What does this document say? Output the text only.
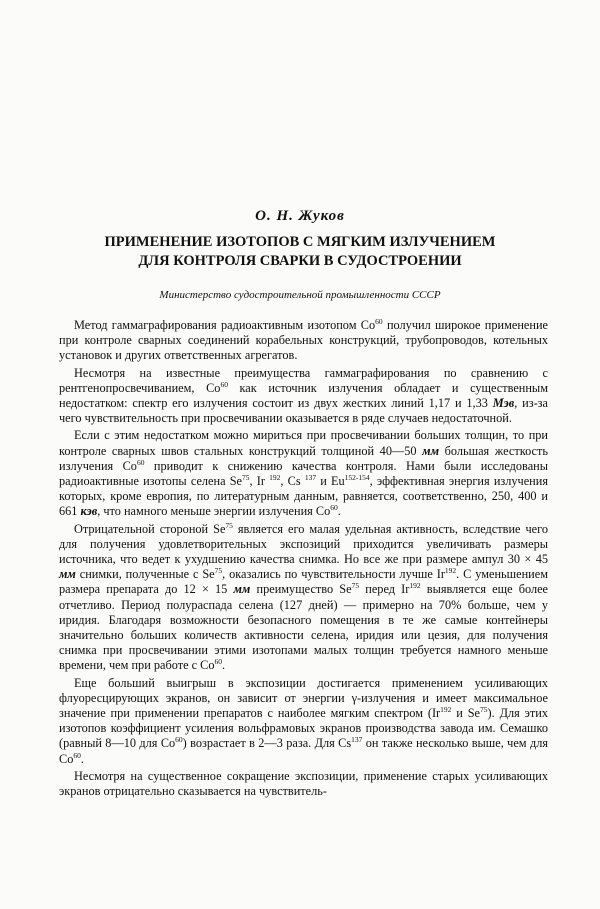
О. Н. Жуков
ПРИМЕНЕНИЕ ИЗОТОПОВ С МЯГКИМ ИЗЛУЧЕНИЕМ
ДЛЯ КОНТРОЛЯ СВАРКИ В СУДОСТРОЕНИИ
Министерство судостроительной промышленности СССР

Метод гаммаграфирования радиоактивным изотопом $Со^{60}$ получил широкое применение при контроле сварных соединений корабельных конструкций, трубопроводов, котельных установок и других ответственных агрегатов.

Несмотря на известные преимущества гаммаграфирования по сравнению с рентгенопросвечиванием, $Со^{60}$ как источник излучения обладает и существенным недостатком: спектр его излучения состоит из двух жестких линий 1,17 и 1,33 Мэв, из-за чего чувствительность при просвечивании оказывается в ряде случаев недостаточной.

Если с этим недостатком можно мириться при просвечивании больших толщин, то при контроле сварных швов стальных конструкций толщиной 40—50 мм большая жесткость излучения $Со^{60}$ приводит к снижению качества контроля. Нами были исследованы радиоактивные изотопы селена Se$^{75}$, Ir $^{192}$, Cs $^{137}$ и Eu$^{152-154}$, эффективная энергия излучения которых, кроме европия, по литературным данным, равняется, соответственно, 250, 400 и 661 кэв, что намного меньше энергии излучения $Со^{60}$.

Отрицательной стороной Se$^{75}$ является его малая удельная активность, вследствие чего для получения удовлетворительных экспозиций приходится увеличивать размеры источника, что ведет к ухудшению качества снимка. Но все же при размере ампул 30 × 45 мм снимки, полученные с Se$^{75}$, оказались по чувствительности лучше Ir$^{192}$. С уменьшением размера препарата до 12 × 15 мм преимущество Se$^{75}$ перед Ir$^{192}$ выявляется еще более отчетливо. Период полураспада селена (127 дней) — примерно на 70% больше, чем у иридия. Благодаря возможности безопасного помещения в те же самые контейнеры значительно больших количеств активности селена, иридия или цезия, для получения снимка при просвечивании этими изотопами малых толщин требуется намного меньше времени, чем при работе с $Со^{60}$.

Еще больший выигрыш в экспозиции достигается применением усиливающих флуоресцирующих экранов, он зависит от энергии γ-излучения и имеет максимальное значение при применении препаратов с наиболее мягким спектром (Ir$^{192}$ и Se$^{75}$). Для этих изотопов коэффициент усиления вольфрамовых экранов производства завода им. Семашко (равный 8—10 для $Со^{60}$) возрастает в 2—3 раза. Для Cs$^{137}$ он также несколько выше, чем для $Со^{60}$.

Несмотря на существенное сокращение экспозиции, применение старых усиливающих экранов отрицательно сказывается на чувствитель-
